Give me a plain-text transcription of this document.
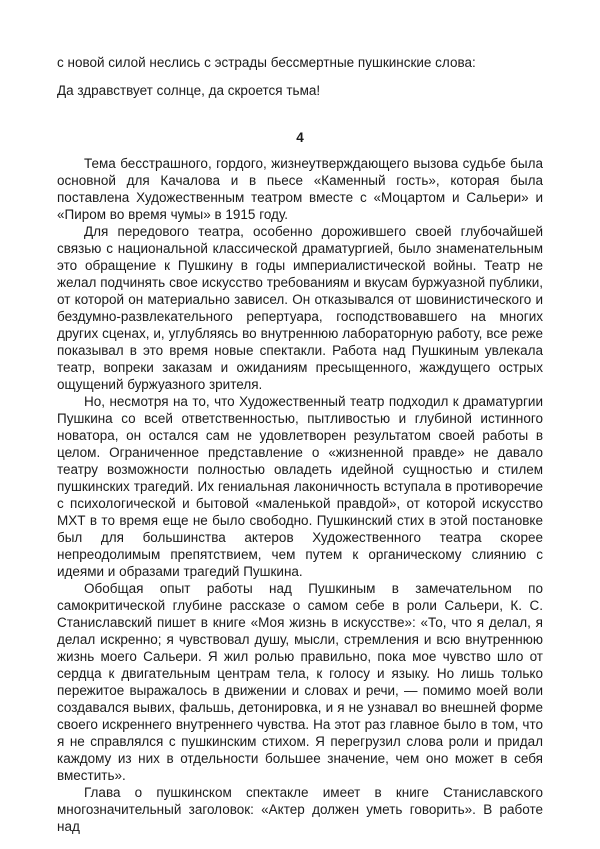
с новой силой неслись с эстрады бессмертные пушкинские слова:

Да здравствует солнце, да скроется тьма!

4

Тема бесстрашного, гордого, жизнеутверждающего вызова судьбе была основной для Качалова и в пьесе «Каменный гость», которая была поставлена Художественным театром вместе с «Моцартом и Сальери» и «Пиром во время чумы» в 1915 году.

Для передового театра, особенно дорожившего своей глубочайшей связью с национальной классической драматургией, было знаменательным это обращение к Пушкину в годы империалистической войны. Театр не желал подчинять свое искусство требованиям и вкусам буржуазной публики, от которой он материально зависел. Он отказывался от шовинистического и бездумно-развлекательного репертуара, господствовавшего на многих других сценах, и, углубляясь во внутреннюю лабораторную работу, все реже показывал в это время новые спектакли. Работа над Пушкиным увлекала театр, вопреки заказам и ожиданиям пресыщенного, жаждущего острых ощущений буржуазного зрителя.

Но, несмотря на то, что Художественный театр подходил к драматургии Пушкина со всей ответственностью, пытливостью и глубиной истинного новатора, он остался сам не удовлетворен результатом своей работы в целом. Ограниченное представление о «жизненной правде» не давало театру возможности полностью овладеть идейной сущностью и стилем пушкинских трагедий. Их гениальная лаконичность вступала в противоречие с психологической и бытовой «маленькой правдой», от которой искусство МХТ в то время еще не было свободно. Пушкинский стих в этой постановке был для большинства актеров Художественного театра скорее непреодолимым препятствием, чем путем к органическому слиянию с идеями и образами трагедий Пушкина.

Обобщая опыт работы над Пушкиным в замечательном по самокритической глубине рассказе о самом себе в роли Сальери, К. С. Станиславский пишет в книге «Моя жизнь в искусстве»: «То, что я делал, я делал искренно; я чувствовал душу, мысли, стремления и всю внутреннюю жизнь моего Сальери. Я жил ролью правильно, пока мое чувство шло от сердца к двигательным центрам тела, к голосу и языку. Но лишь только пережитое выражалось в движении и словах и речи, — помимо моей воли создавался вывих, фальшь, детонировка, и я не узнавал во внешней форме своего искреннего внутреннего чувства. На этот раз главное было в том, что я не справлялся с пушкинским стихом. Я перегрузил слова роли и придал каждому из них в отдельности большее значение, чем оно может в себя вместить».

Глава о пушкинском спектакле имеет в книге Станиславского многозначительный заголовок: «Актер должен уметь говорить». В работе над
